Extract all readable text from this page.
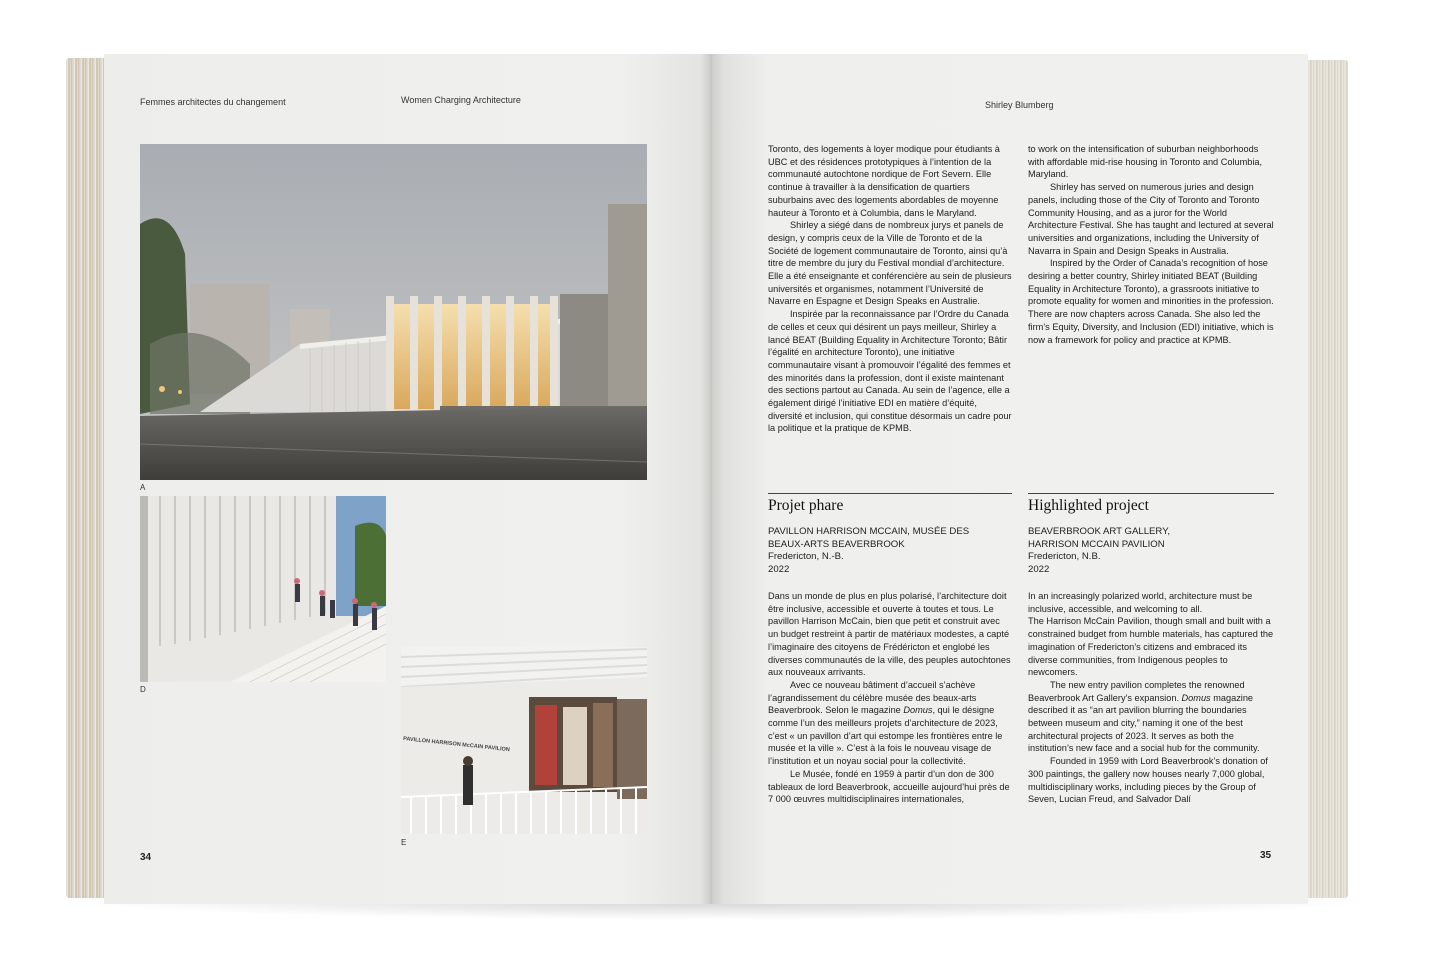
Femmes architectes du changement	Women Charging Architecture
A
D
PAVILLON HARRISON McCAIN PAVILION
E
34
Shirley Blumberg

Toronto, des logements à loyer modique pour étudiants à UBC et des résidences prototypiques à l’intention de la communauté autochtone nordique de Fort Severn. Elle continue à travailler à la densification de quartiers suburbains avec des logements abordables de moyenne hauteur à Toronto et à Columbia, dans le Maryland.

Shirley a siégé dans de nombreux jurys et panels de design, y compris ceux de la Ville de Toronto et de la Société de logement communautaire de Toronto, ainsi qu’à titre de membre du jury du Festival mondial d’architecture. Elle a été enseignante et conférencière au sein de plusieurs universités et organismes, notamment l’Université de Navarre en Espagne et Design Speaks en Australie.

Inspirée par la reconnaissance par l’Ordre du Canada de celles et ceux qui désirent un pays meilleur, Shirley a lancé BEAT (Building Equality in Architecture Toronto; Bâtir l’égalité en architecture Toronto), une initiative communautaire visant à promouvoir l’égalité des femmes et des minorités dans la profession, dont il existe maintenant des sections partout au Canada. Au sein de l’agence, elle a également dirigé l’initiative EDI en matière d’équité, diversité et inclusion, qui constitue désormais un cadre pour la politique et la pratique de KPMB.

to work on the intensification of suburban neighborhoods with affordable mid-rise housing in Toronto and Columbia, Maryland.

Shirley has served on numerous juries and design panels, including those of the City of Toronto and Toronto Community Housing, and as a juror for the World Architecture Festival. She has taught and lectured at several universities and organizations, including the University of Navarra in Spain and Design Speaks in Australia.

Inspired by the Order of Canada’s recognition of hose desiring a better country, Shirley initiated BEAT (Building Equality in Architecture Toronto), a grassroots initiative to promote equality for women and minorities in the profession. There are now chapters across Canada. She also led the firm’s Equity, Diversity, and Inclusion (EDI) initiative, which is now a framework for policy and practice at KPMB.

Projet phare	Highlighted project
PAVILLON HARRISON MCCAIN, MUSÉE DES
BEAUX-ARTS BEAVERBROOK
Fredericton, N.-B.
2022
BEAVERBROOK ART GALLERY,
HARRISON MCCAIN PAVILION
Fredericton, N.B.
2022

Dans un monde de plus en plus polarisé, l’architecture doit être inclusive, accessible et ouverte à toutes et tous. Le pavillon Harrison McCain, bien que petit et construit avec un budget restreint à partir de matériaux modestes, a capté l’imaginaire des citoyens de Frédéricton et englobé les diverses communautés de la ville, des peuples autochtones aux nouveaux arrivants.

Avec ce nouveau bâtiment d’accueil s’achève l’agrandissement du célèbre musée des beaux-arts Beaverbrook. Selon le magazine Domus, qui le désigne comme l’un des meilleurs projets d’architecture de 2023, c’est « un pavillon d’art qui estompe les frontières entre le musée et la ville ». C’est à la fois le nouveau visage de l’institution et un noyau social pour la collectivité.

Le Musée, fondé en 1959 à partir d’un don de 300 tableaux de lord Beaverbrook, accueille aujourd’hui près de 7 000 œuvres multidisciplinaires internationales,

In an increasingly polarized world, architecture must be inclusive, accessible, and welcoming to all.

The Harrison McCain Pavilion, though small and built with a constrained budget from humble materials, has captured the imagination of Fredericton’s citizens and embraced its diverse communities, from Indigenous peoples to newcomers.

The new entry pavilion completes the renowned Beaverbrook Art Gallery’s expansion. Domus magazine described it as “an art pavilion blurring the boundaries between museum and city,” naming it one of the best architectural projects of 2023. It serves as both the institution’s new face and a social hub for the community.

Founded in 1959 with Lord Beaverbrook’s donation of 300 paintings, the gallery now houses nearly 7,000 global, multidisciplinary works, including pieces by the Group of Seven, Lucian Freud, and Salvador Dalí

35
